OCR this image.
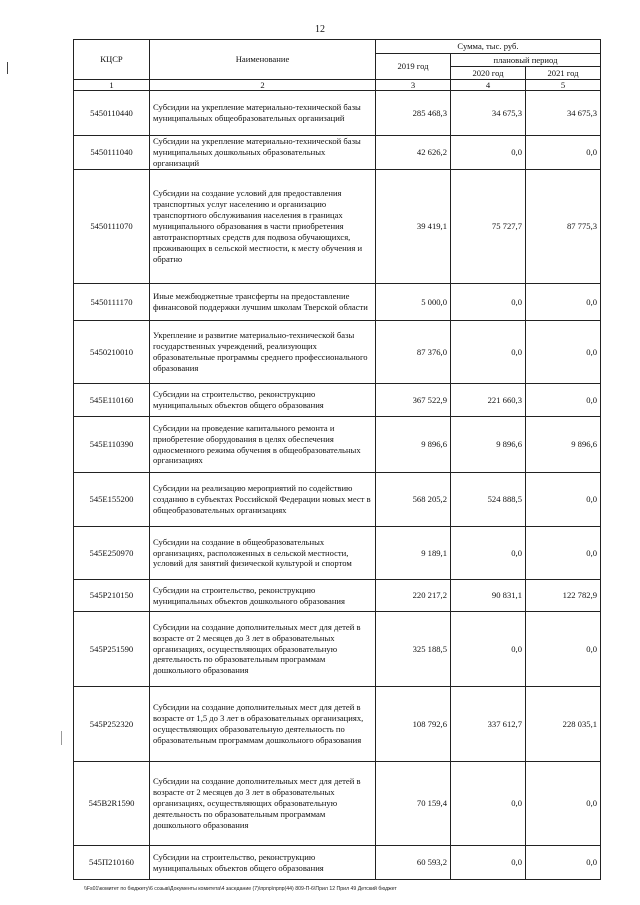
12
КЦСР	Наименование	Сумма, тыс. руб.		
		2019 год	плановый период	
			2020 год	2021 год
1	2	3	4	5
5450110440	Субсидии на укрепление материально-технической базы муниципальных общеобразовательных организаций	285 468,3	34 675,3	34 675,3
5450111040	Субсидии на укрепление материально-технической базы муниципальных дошкольных образовательных организаций	42 626,2	0,0	0,0
5450111070	Субсидии на создание условий для предоставления транспортных услуг населению и организацию транспортного обслуживания населения в границах муниципального образования в части приобретения автотранспортных средств для подвоза обучающихся, проживающих в сельской местности, к месту обучения и обратно	39 419,1	75 727,7	87 775,3
5450111170	Иные межбюджетные трансферты на предоставление финансовой поддержки лучшим школам Тверской области	5 000,0	0,0	0,0
5450210010	Укрепление и развитие материально-технической базы государственных учреждений, реализующих образовательные программы среднего профессионального образования	87 376,0	0,0	0,0
545E110160	Субсидии на строительство, реконструкцию муниципальных объектов общего образования	367 522,9	221 660,3	0,0
545E110390	Субсидии на проведение капитального ремонта и приобретение оборудования в целях обеспечения односменного режима обучения в общеобразовательных организациях	9 896,6	9 896,6	9 896,6
545E155200	Субсидии на реализацию мероприятий по содействию созданию в субъектах Российской Федерации новых мест в общеобразовательных организациях	568 205,2	524 888,5	0,0
545E250970	Субсидии на создание в общеобразовательных организациях, расположенных в сельской местности, условий для занятий физической культурой и спортом	9 189,1	0,0	0,0
545P210150	Субсидии на строительство, реконструкцию муниципальных объектов дошкольного образования	220 217,2	90 831,1	122 782,9
545P251590	Субсидии на создание дополнительных мест для детей в возрасте от 2 месяцев до 3 лет в образовательных организациях, осуществляющих образовательную деятельность по образовательным программам дошкольного образования	325 188,5	0,0	0,0
545P252320	Субсидии на создание дополнительных мест для детей в возрасте от 1,5 до 3 лет в образовательных организациях, осуществляющих образовательную деятельность по образовательным программам дошкольного образования	108 792,6	337 612,7	228 035,1
545B2R1590	Субсидии на создание дополнительных мест для детей в возрасте от 2 месяцев до 3 лет в образовательных организациях, осуществляющих образовательную деятельность по образовательным программам дошкольного образования	70 159,4	0,0	0,0
545П210160	Субсидии на строительство, реконструкцию муниципальных объектов общего образования	60 593,2	0,0	0,0
\\Fs01\комитет по бюджету\6 созыв\Документы комитета\4 заседание (7)\прпр\прпр(44) 809-П-6\Прил 12 Прил 49 Детский бюджет
